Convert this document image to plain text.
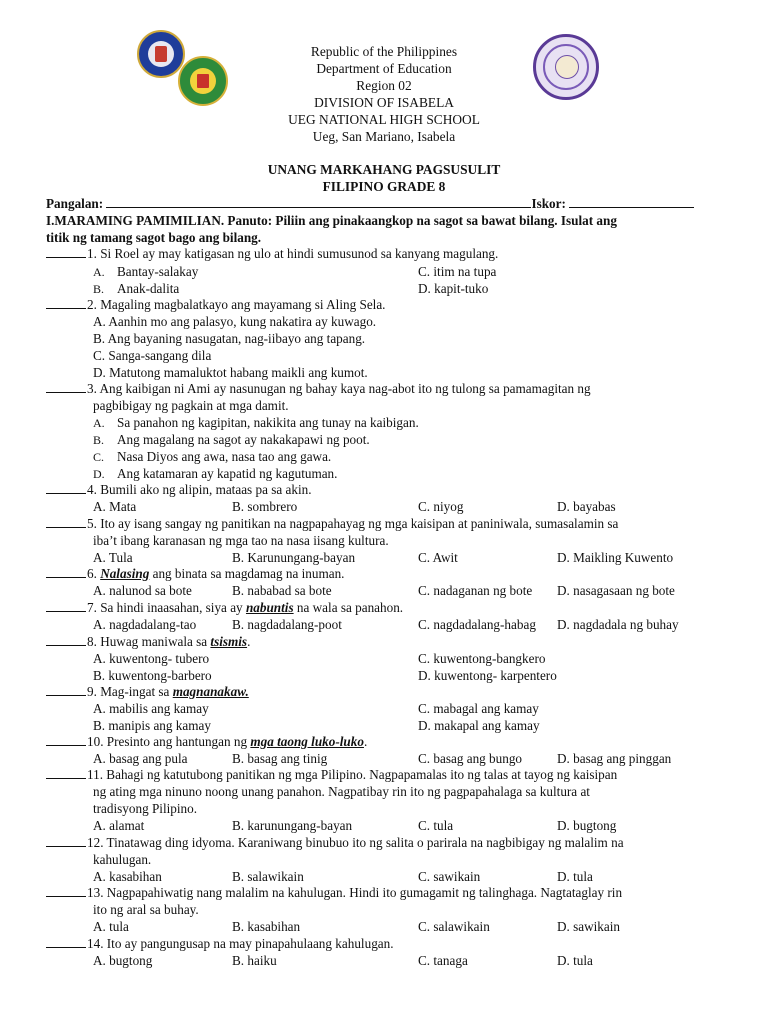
Republic of the Philippines
Department of Education
Region 02
DIVISION OF ISABELA
UEG NATIONAL HIGH SCHOOL
Ueg, San Mariano, Isabela
UNANG MARKAHANG PAGSUSULIT
FILIPINO GRADE 8
Pangalan:	Iskor:
I.MARAMING PAMIMILIAN. Panuto: Piliin ang pinakaangkop na sagot sa bawat bilang. Isulat ang
titik ng tamang sagot bago ang bilang.
1. Si Roel ay may katigasan ng ulo at hindi sumusunod sa kanyang magulang.
A. Bantay-salakay	C. itim na tupa
B. Anak-dalita	D. kapit-tuko
2. Magaling magbalatkayo ang mayamang si Aling Sela.
A. Aanhin mo ang palasyo, kung nakatira ay kuwago.
B. Ang bayaning nasugatan, nag-iibayo ang tapang.
C. Sanga-sangang dila
D. Matutong mamaluktot habang maikli ang kumot.
3. Ang kaibigan ni Ami ay nasunugan ng bahay kaya nag-abot ito ng tulong sa pamamagitan ng
pagbibigay ng pagkain at mga damit.
A. Sa panahon ng kagipitan, nakikita ang tunay na kaibigan.
B. Ang magalang na sagot ay nakakapawi ng poot.
C. Nasa Diyos ang awa, nasa tao ang gawa.
D. Ang katamaran ay kapatid ng kagutuman.
4. Bumili ako ng alipin, mataas pa sa akin.
A. Mata	B. sombrero	C. niyog	D. bayabas
5. Ito ay isang sangay ng panitikan na nagpapahayag ng mga kaisipan at paniniwala, sumasalamin sa
iba’t ibang karanasan ng mga tao na nasa iisang kultura.
A. Tula	B. Karunungang-bayan	C. Awit	D. Maikling Kuwento
6. Nalasing ang binata sa magdamag na inuman.
A. nalunod sa bote	B. nababad sa bote	C. nadaganan ng bote D. nasagasaan ng bote
7. Sa hindi inaasahan, siya ay nabuntis na wala sa panahon.
A. nagdadalang-tao	B. nagdadalang-poot	C. nagdadalang-habag D. nagdadala ng buhay
8. Huwag maniwala sa tsismis.
A. kuwentong- tubero
B. kuwentong-barbero
C. kuwentong-bangkero
D. kuwentong- karpentero
9. Mag-ingat sa magnanakaw.
A. mabilis ang kamay
B. manipis ang kamay
C. mabagal ang kamay
D. makapal ang kamay
10. Presinto ang hantungan ng mga taong luko-luko.
A. basag ang pula	B. basag ang tinig	C. basag ang bungo	D. basag ang pinggan
11. Bahagi ng katutubong panitikan ng mga Pilipino. Nagpapamalas ito ng talas at tayog ng kaisipan
ng ating mga ninuno noong unang panahon. Nagpatibay rin ito ng pagpapahalaga sa kultura at
tradisyong Pilipino.
A. alamat	B. karunungang-bayan	C. tula	D. bugtong
12. Tinatawag ding idyoma. Karaniwang binubuo ito ng salita o parirala na nagbibigay ng malalim na
kahulugan.
A. kasabihan	B. salawikain	C. sawikain	D. tula
13. Nagpapahiwatig nang malalim na kahulugan. Hindi ito gumagamit ng talinghaga. Nagtataglay rin
ito ng aral sa buhay.
A. tula	B. kasabihan	C. salawikain	D. sawikain
14. Ito ay pangungusap na may pinapahulaang kahulugan.
A. bugtong	B. haiku	C. tanaga	D. tula
